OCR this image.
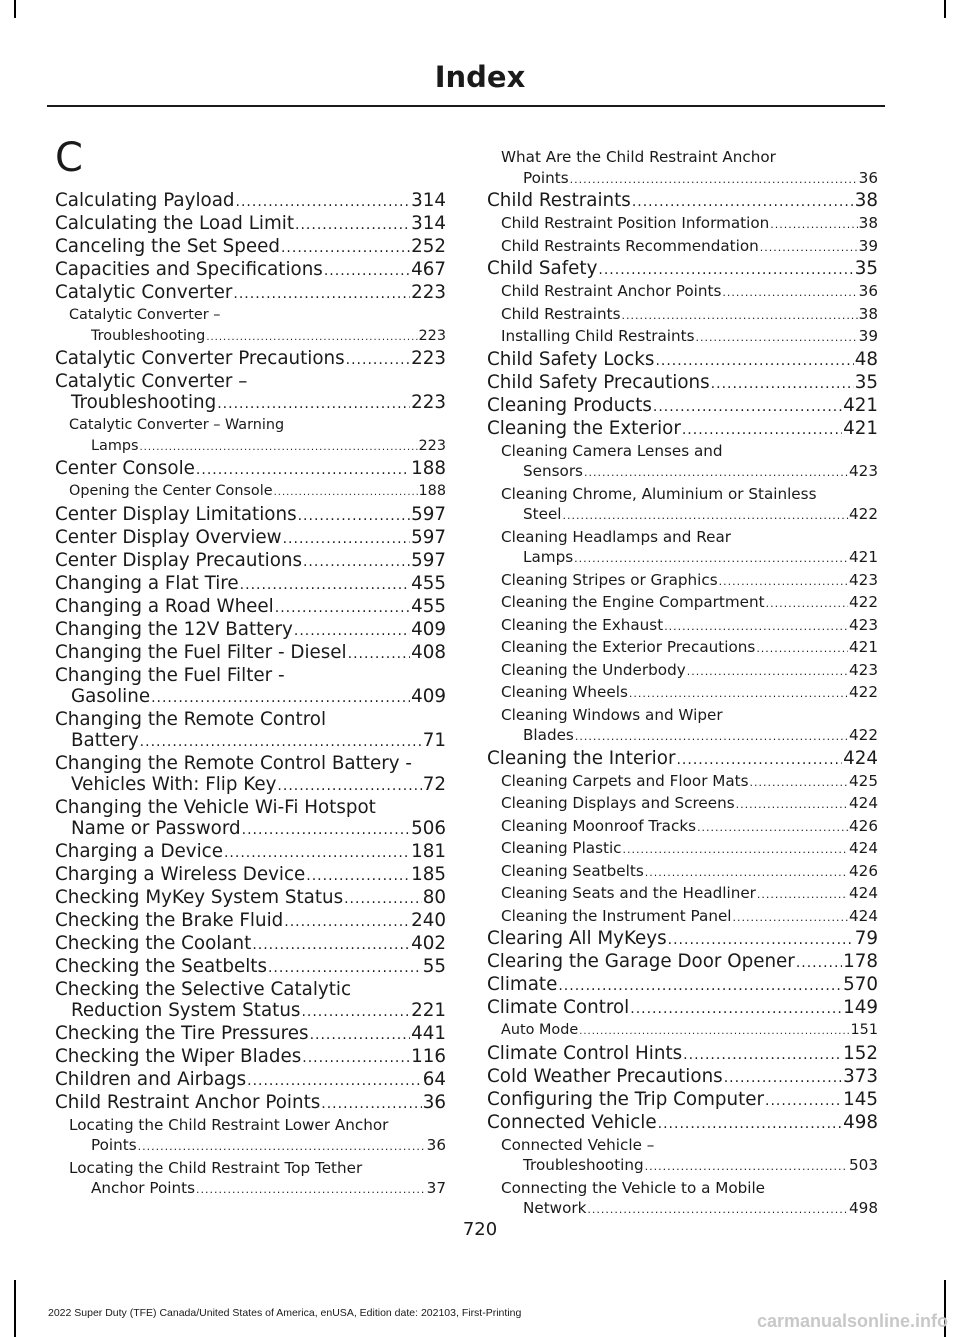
Index
C
Calculating Payload .....	314
Calculating the Load Limit .....	314
Canceling the Set Speed .....	252
Capacities and Specifications .....	467
Catalytic Converter .....	223
Catalytic Converter –
Troubleshooting .....	223
Catalytic Converter Precautions .....	223
Catalytic Converter –
Troubleshooting .....	223
Catalytic Converter – Warning
Lamps .....	223
Center Console .....	188
Opening the Center Console .....	188
Center Display Limitations .....	597
Center Display Overview .....	597
Center Display Precautions .....	597
Changing a Flat Tire .....	455
Changing a Road Wheel .....	455
Changing the 12V Battery .....	409
Changing the Fuel Filter - Diesel .....	408
Changing the Fuel Filter -
Gasoline .....	409
Changing the Remote Control
Battery .....	71
Changing the Remote Control Battery -
Vehicles With: Flip Key .....	72
Changing the Vehicle Wi-Fi Hotspot
Name or Password .....	506
Charging a Device .....	181
Charging a Wireless Device .....	185
Checking MyKey System Status .....	80
Checking the Brake Fluid .....	240
Checking the Coolant .....	402
Checking the Seatbelts .....	55
Checking the Selective Catalytic
Reduction System Status .....	221
Checking the Tire Pressures .....	441
Checking the Wiper Blades .....	116
Children and Airbags .....	64
Child Restraint Anchor Points .....	36
Locating the Child Restraint Lower Anchor
Points .....	36
Locating the Child Restraint Top Tether
Anchor Points .....	37
What Are the Child Restraint Anchor
Points .....	36
Child Restraints .....	38
Child Restraint Position Information .....	38
Child Restraints Recommendation .....	39
Child Safety .....	35
Child Restraint Anchor Points .....	36
Child Restraints .....	38
Installing Child Restraints .....	39
Child Safety Locks .....	48
Child Safety Precautions .....	35
Cleaning Products .....	421
Cleaning the Exterior .....	421
Cleaning Camera Lenses and
Sensors .....	423
Cleaning Chrome, Aluminium or Stainless
Steel .....	422
Cleaning Headlamps and Rear
Lamps .....	421
Cleaning Stripes or Graphics .....	423
Cleaning the Engine Compartment .....	422
Cleaning the Exhaust .....	423
Cleaning the Exterior Precautions .....	421
Cleaning the Underbody .....	423
Cleaning Wheels .....	422
Cleaning Windows and Wiper
Blades .....	422
Cleaning the Interior .....	424
Cleaning Carpets and Floor Mats .....	425
Cleaning Displays and Screens .....	424
Cleaning Moonroof Tracks .....	426
Cleaning Plastic .....	424
Cleaning Seatbelts .....	426
Cleaning Seats and the Headliner .....	424
Cleaning the Instrument Panel .....	424
Clearing All MyKeys .....	79
Clearing the Garage Door Opener .....	178
Climate .....	570
Climate Control .....	149
Auto Mode .....	151
Climate Control Hints .....	152
Cold Weather Precautions .....	373
Configuring the Trip Computer .....	145
Connected Vehicle .....	498
Connected Vehicle –
Troubleshooting .....	503
Connecting the Vehicle to a Mobile
Network .....	498
720
2022 Super Duty (TFE) Canada/United States of America, enUSA, Edition date: 202103, First-Printing	carmanualsonline.info
